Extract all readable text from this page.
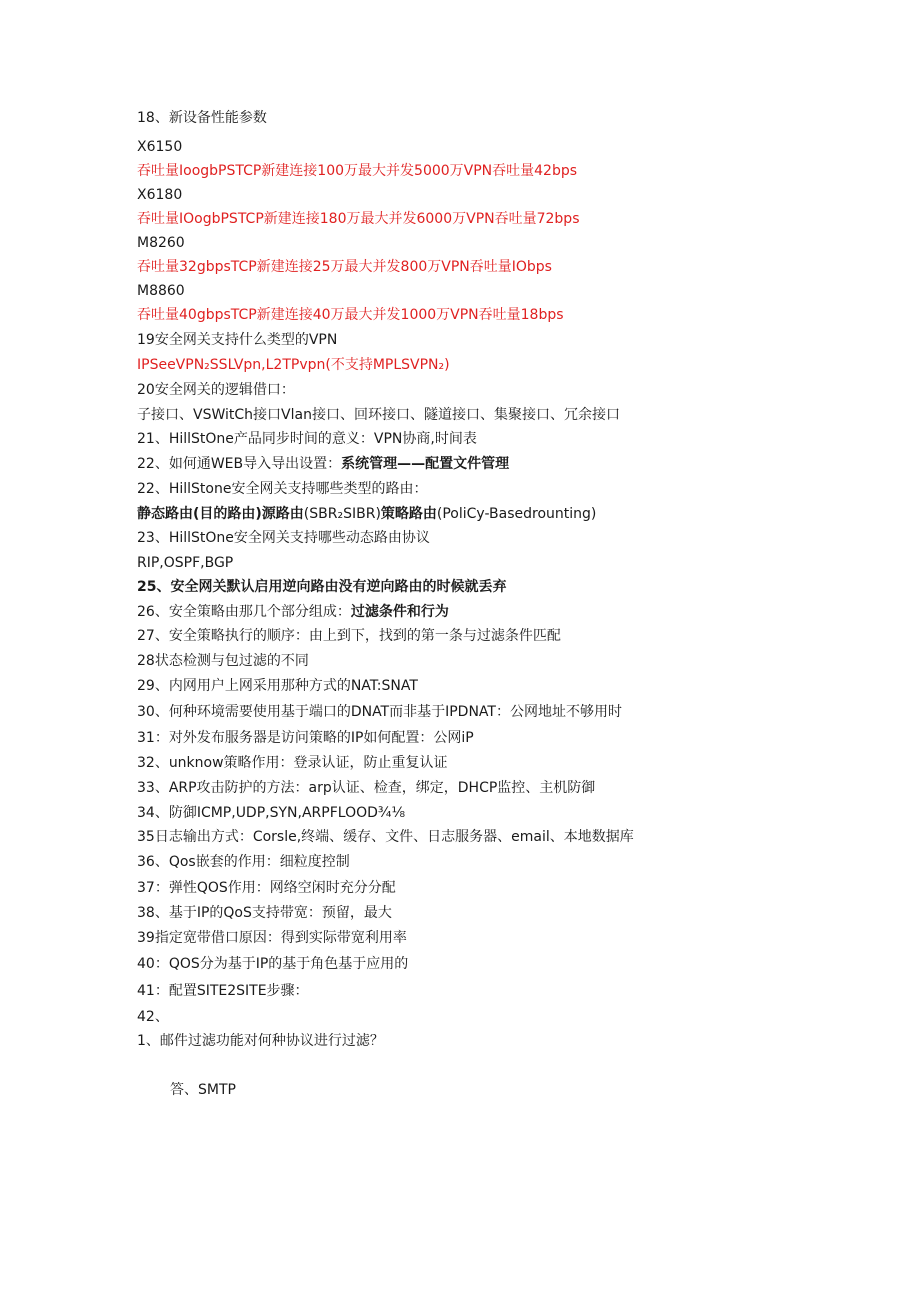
18、新设备性能参数
X6150
吞吐量IoogbPSTCP新建连接100万最大并发5000万VPN吞吐量42bps
X6180
吞吐量IOogbPSTCP新建连接180万最大并发6000万VPN吞吐量72bps
M8260
吞吐量32gbpsTCP新建连接25万最大并发800万VPN吞吐量IObps
M8860
吞吐量40gbpsTCP新建连接40万最大并发1000万VPN吞吐量18bps
19安全网关支持什么类型的VPN
IPSeeVPN₂SSLVpn,L2TPvpn(不支持MPLSVPN₂)
20安全网关的逻辑借口：
子接口、VSWitCh接口Vlan接口、回环接口、隧道接口、集聚接口、冗余接口
21、HillStOne产品同步时间的意义：VPN协商,时间表
22、如何通WEB导入导出设置：系统管理——配置文件管理
22、HillStone安全网关支持哪些类型的路由：
静态路由(目的路由)源路由(SBR₂SIBR)策略路由(PoliCy-Basedrounting)
23、HillStOne安全网关支持哪些动态路由协议
RIP,OSPF,BGP
25、安全网关默认启用逆向路由没有逆向路由的时候就丢弃
26、安全策略由那几个部分组成：过滤条件和行为
27、安全策略执行的顺序：由上到下，找到的第一条与过滤条件匹配
28状态检测与包过滤的不同
29、内网用户上网采用那种方式的NAT:SNAT
30、何种环境需要使用基于端口的DNAT而非基于IPDNAT：公网地址不够用时
31：对外发布服务器是访问策略的IP如何配置：公网iP
32、unknow策略作用：登录认证，防止重复认证
33、ARP攻击防护的方法：arp认证、检查，绑定，DHCP监控、主机防御
34、防御ICMP,UDP,SYN,ARPFLOOD¾⅛
35日志输出方式：Corsle,终端、缓存、文件、日志服务器、email、本地数据库
36、Qos嵌套的作用：细粒度控制
37：弹性QOS作用：网络空闲时充分分配
38、基于IP的QoS支持带宽：预留，最大
39指定宽带借口原因：得到实际带宽利用率
40：QOS分为基于IP的基于角色基于应用的
41：配置SITE2SITE步骤：
42、
1、邮件过滤功能对何种协议进行过滤？
答、SMTP
